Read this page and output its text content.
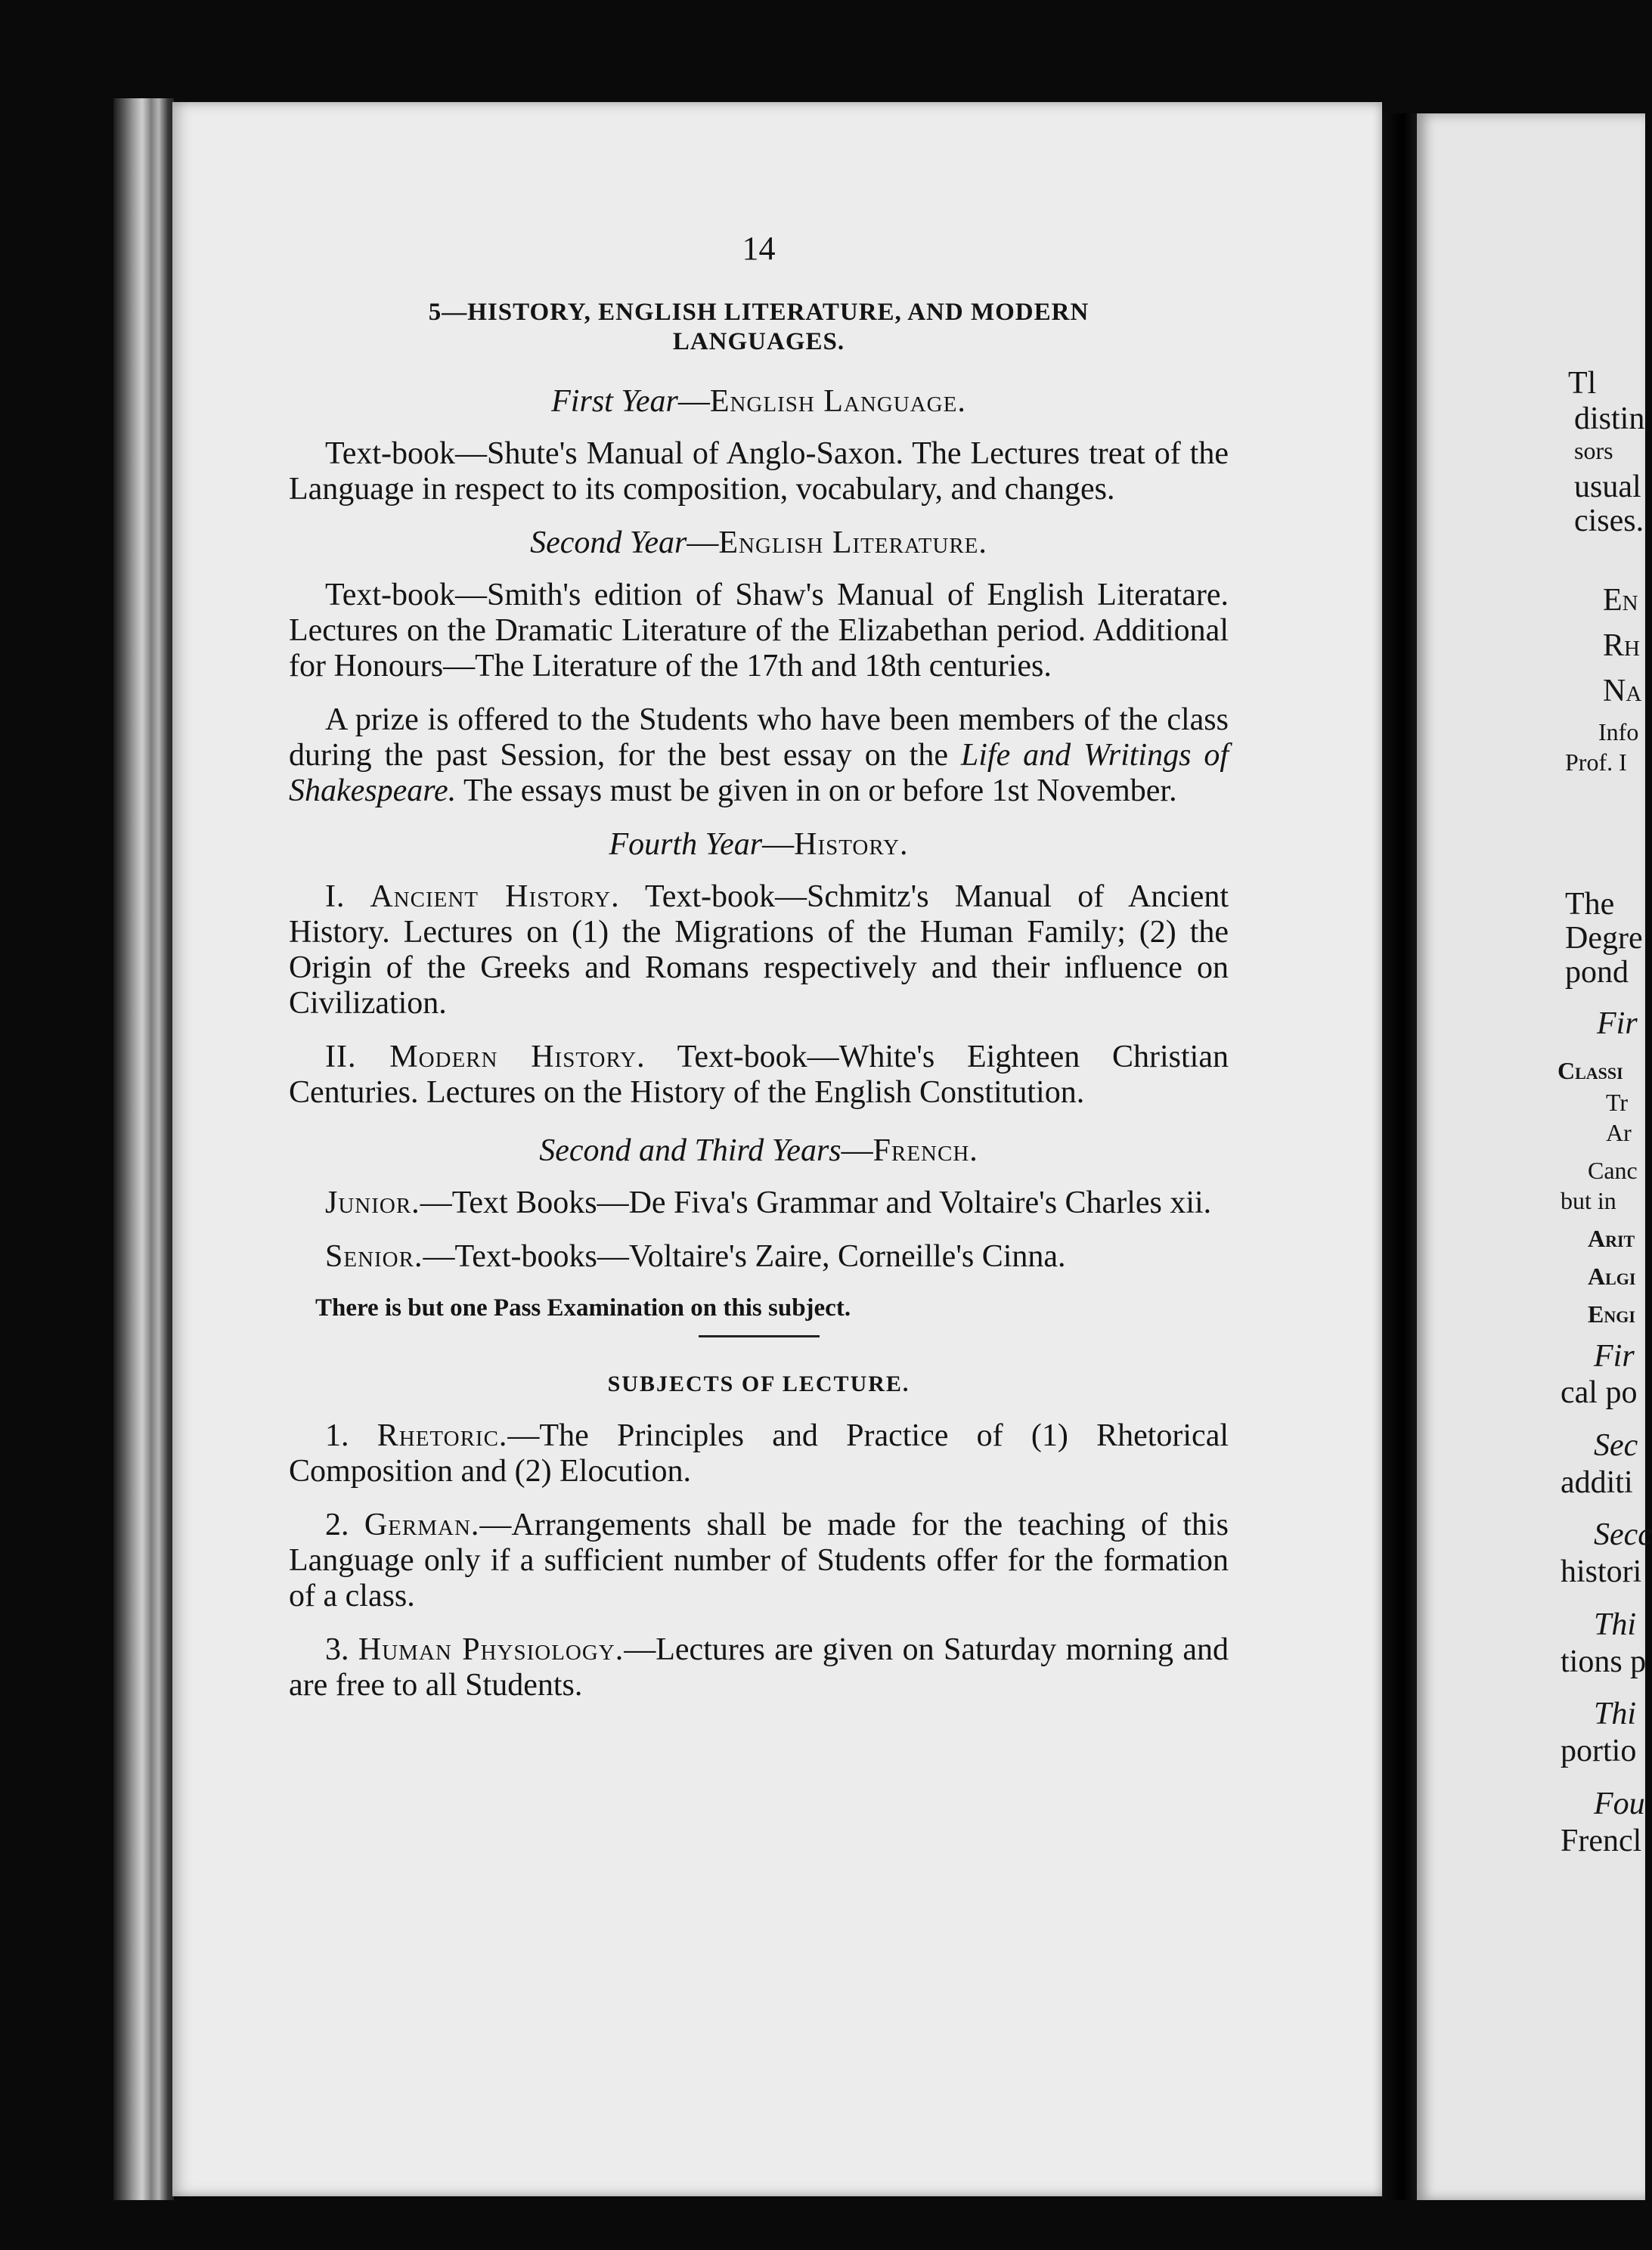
Tl
distin
sors
usual
cises.
En
Rh
Na
Info
Prof. I
The
Degre
pond
Fir
Classi
Tr
Ar
Canc
but in
Arit
Algi
Engi
Fir
cal po
Sec
additi
Secc
histori
Thi
tions p
Thi
portio
Fou
Frencl
14
5—HISTORY, ENGLISH LITERATURE, AND MODERN
LANGUAGES.
First Year—English Language.

Text-book—Shute's Manual of Anglo-Saxon. The Lectures treat of the Language in respect to its composition, vocabulary, and changes.

Second Year—English Literature.

Text-book—Smith's edition of Shaw's Manual of English Literatare. Lectures on the Dramatic Literature of the Elizabethan period. Additional for Honours—The Literature of the 17th and 18th centuries.

A prize is offered to the Students who have been members of the class during the past Session, for the best essay on the Life and Writings of Shakespeare. The essays must be given in on or before 1st November.

Fourth Year—History.

I. Ancient History. Text-book—Schmitz's Manual of Ancient History. Lectures on (1) the Migrations of the Human Family; (2) the Origin of the Greeks and Romans respectively and their influence on Civilization.

II. Modern History. Text-book—White's Eighteen Christian Centuries. Lectures on the History of the English Constitution.

Second and Third Years—French.

Junior.—Text Books—De Fiva's Grammar and Voltaire's Charles xii.

Senior.—Text-books—Voltaire's Zaire, Corneille's Cinna.

There is but one Pass Examination on this subject.
SUBJECTS OF LECTURE.

1. Rhetoric.—The Principles and Practice of (1) Rhetorical Composition and (2) Elocution.

2. German.—Arrangements shall be made for the teaching of this Language only if a sufficient number of Students offer for the formation of a class.

3. Human Physiology.—Lectures are given on Saturday morning and are free to all Students.
